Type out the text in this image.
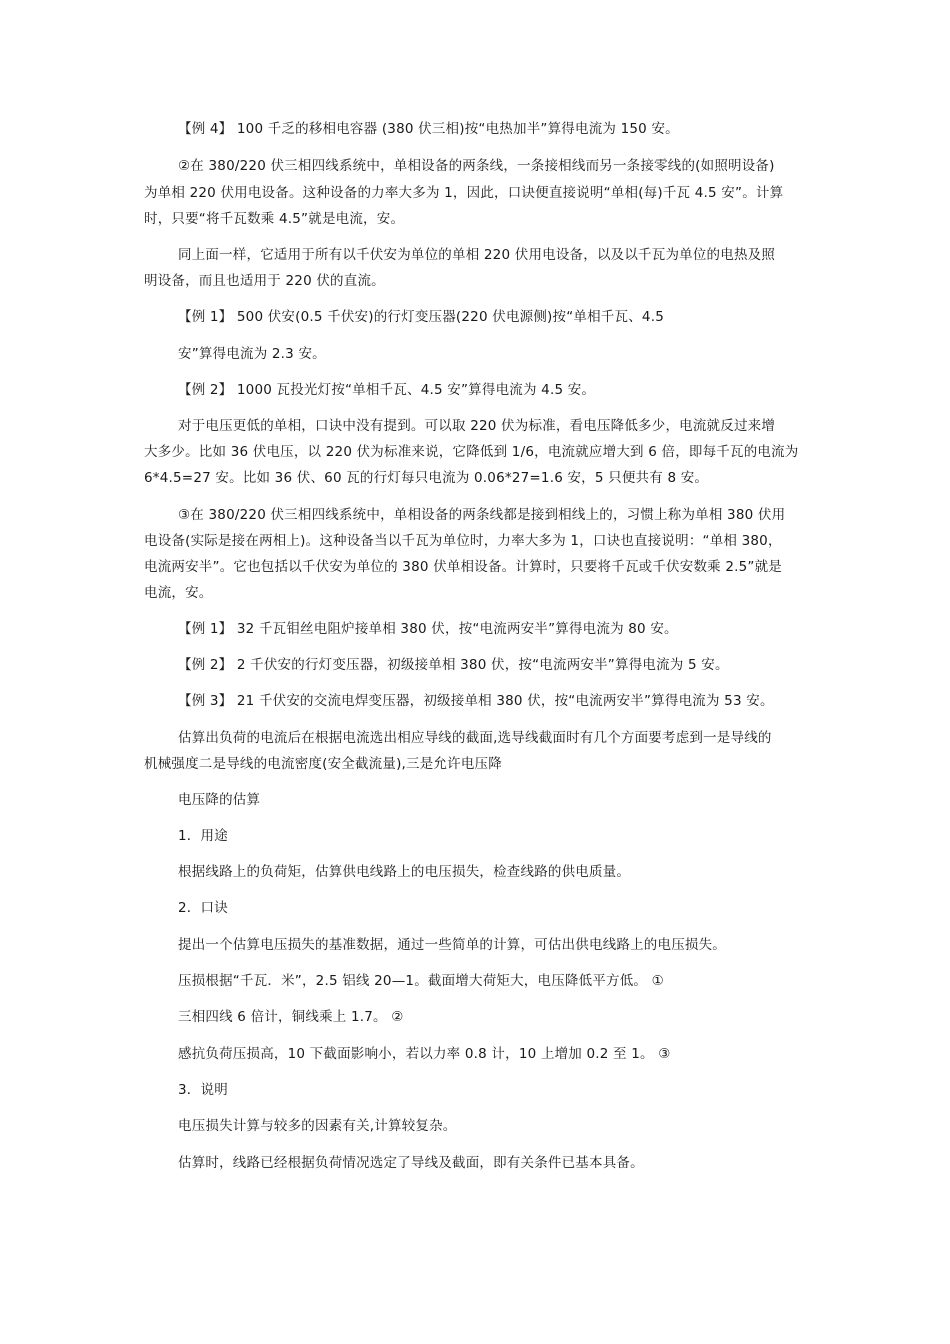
【例 4】 100 千乏的移相电容器 (380 伏三相)按“电热加半”算得电流为 150 安。
②在 380/220 伏三相四线系统中，单相设备的两条线，一条接相线而另一条接零线的(如照明设备)
为单相 220 伏用电设备。这种设备的力率大多为 1，因此，口诀便直接说明“单相(每)千瓦 4.5 安”。计算
时，只要“将千瓦数乘 4.5”就是电流，安。
同上面一样，它适用于所有以千伏安为单位的单相 220 伏用电设备，以及以千瓦为单位的电热及照
明设备，而且也适用于 220 伏的直流。
【例 1】 500 伏安(0.5 千伏安)的行灯变压器(220 伏电源侧)按“单相千瓦、4.5
安”算得电流为 2.3 安。
【例 2】 1000 瓦投光灯按“单相千瓦、4.5 安”算得电流为 4.5 安。
对于电压更低的单相，口诀中没有提到。可以取 220 伏为标准，看电压降低多少，电流就反过来增
大多少。比如 36 伏电压，以 220 伏为标准来说，它降低到 1/6，电流就应增大到 6 倍，即每千瓦的电流为
6*4.5=27 安。比如 36 伏、60 瓦的行灯每只电流为 0.06*27=1.6 安，5 只便共有 8 安。
③在 380/220 伏三相四线系统中，单相设备的两条线都是接到相线上的，习惯上称为单相 380 伏用
电设备(实际是接在两相上)。这种设备当以千瓦为单位时，力率大多为 1，口诀也直接说明：“单相 380，
电流两安半”。它也包括以千伏安为单位的 380 伏单相设备。计算时，只要将千瓦或千伏安数乘 2.5”就是
电流，安。
【例 1】 32 千瓦钼丝电阻炉接单相 380 伏，按“电流两安半”算得电流为 80 安。
【例 2】 2 千伏安的行灯变压器，初级接单相 380 伏，按“电流两安半”算得电流为 5 安。
【例 3】 21 千伏安的交流电焊变压器，初级接单相 380 伏，按“电流两安半”算得电流为 53 安。
估算出负荷的电流后在根据电流选出相应导线的截面,选导线截面时有几个方面要考虑到一是导线的
机械强度二是导线的电流密度(安全截流量),三是允许电压降
电压降的估算
1．用途
根据线路上的负荷矩，估算供电线路上的电压损失，检查线路的供电质量。
2．口诀
提出一个估算电压损失的基准数据，通过一些简单的计算，可估出供电线路上的电压损失。
压损根据“千瓦．米”，2.5 铝线 20—1。截面增大荷矩大，电压降低平方低。 ①
三相四线 6 倍计，铜线乘上 1.7。 ②
感抗负荷压损高，10 下截面影响小，若以力率 0.8 计，10 上增加 0.2 至 1。 ③
3．说明
电压损失计算与较多的因素有关,计算较复杂。
估算时，线路已经根据负荷情况选定了导线及截面，即有关条件已基本具备。
